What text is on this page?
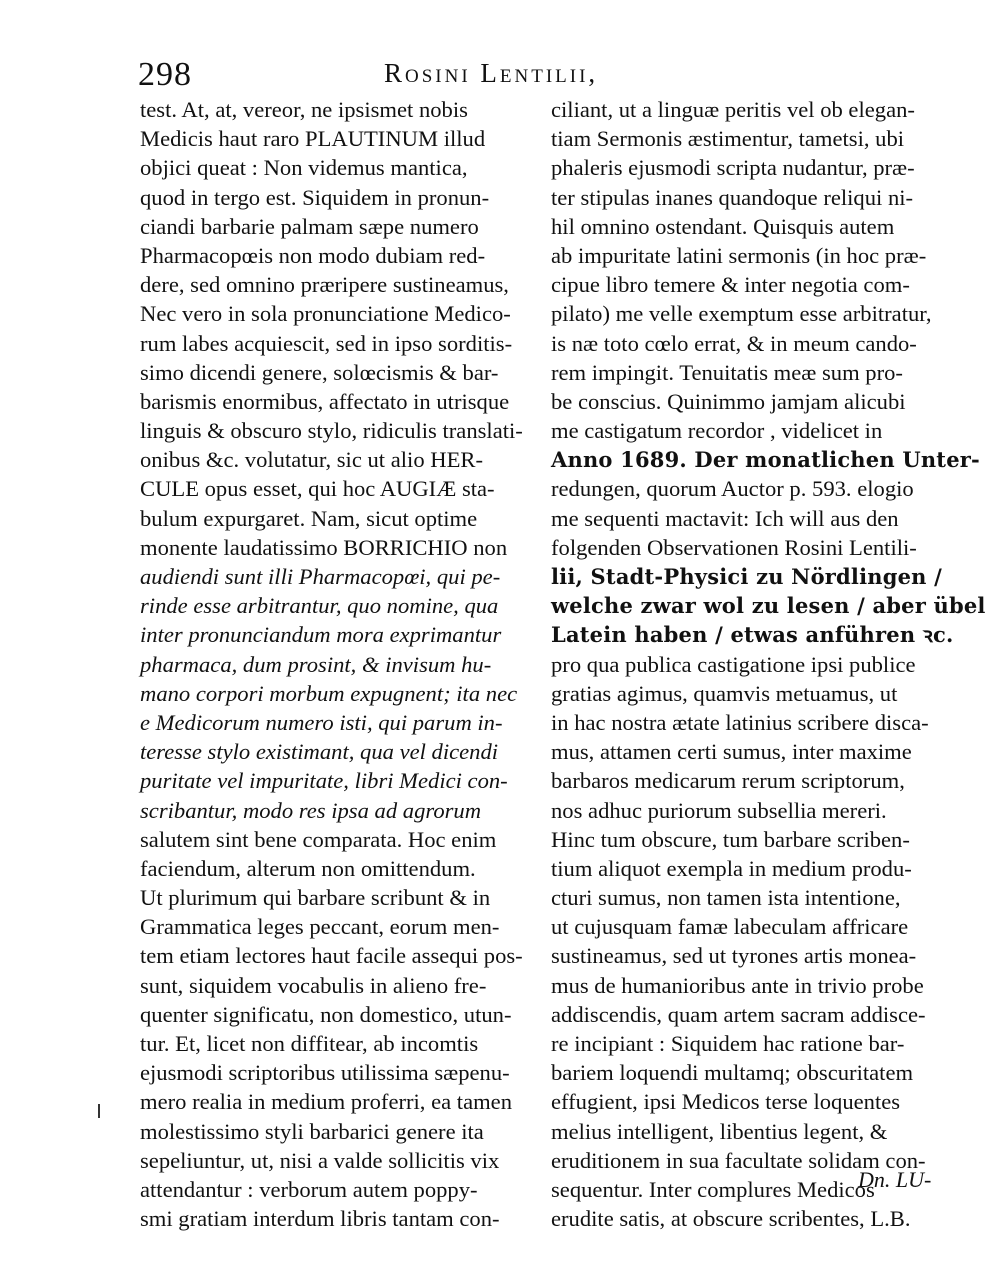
298	Rosini Lentilii,
test. At, at, vereor, ne ipsismet nobis
Medicis haut raro PLAUTINUM illud
objici queat : Non videmus mantica,
quod in tergo est. Siquidem in pronun-
ciandi barbarie palmam sæpe numero
Pharmacopœis non modo dubiam red-
dere, sed omnino præripere sustineamus,
Nec vero in sola pronunciatione Medico-
rum labes acquiescit, sed in ipso sorditis-
simo dicendi genere, solœcismis & bar-
barismis enormibus, affectato in utrisque
linguis & obscuro stylo, ridiculis translati-
onibus &c. volutatur, sic ut alio HER-
CULE opus esset, qui hoc AUGIÆ sta-
bulum expurgaret. Nam, sicut optime
monente laudatissimo BORRICHIO non
audiendi sunt illi Pharmacopœi, qui pe-
rinde esse arbitrantur, quo nomine, qua
inter pronunciandum mora exprimantur
pharmaca, dum prosint, & invisum hu-
mano corpori morbum expugnent; ita nec
e Medicorum numero isti, qui parum in-
teresse stylo existimant, qua vel dicendi
puritate vel impuritate, libri Medici con-
scribantur, modo res ipsa ad agrorum
salutem sint bene comparata. Hoc enim
faciendum, alterum non omittendum.
Ut plurimum qui barbare scribunt & in
Grammatica leges peccant, eorum men-
tem etiam lectores haut facile assequi pos-
sunt, siquidem vocabulis in alieno fre-
quenter significatu, non domestico, utun-
tur. Et, licet non diffitear, ab incomtis
ejusmodi scriptoribus utilissima sæpenu-
mero realia in medium proferri, ea tamen
molestissimo styli barbarici genere ita
sepeliuntur, ut, nisi a valde sollicitis vix
attendantur : verborum autem poppy-
smi gratiam interdum libris tantam con-
ciliant, ut a linguæ peritis vel ob elegan-
tiam Sermonis æstimentur, tametsi, ubi
phaleris ejusmodi scripta nudantur, præ-
ter stipulas inanes quandoque reliqui ni-
hil omnino ostendant. Quisquis autem
ab impuritate latini sermonis (in hoc præ-
cipue libro temere & inter negotia com-
pilato) me velle exemptum esse arbitratur,
is næ toto cœlo errat, & in meum cando-
rem impingit. Tenuitatis meæ sum pro-
be conscius. Quinimmo jamjam alicubi
me castigatum recordor , videlicet in
Anno 1689. Der monatlichen Unter-
redungen, quorum Auctor p. 593. elogio
me sequenti mactavit: Ich will aus den
folgenden Observationen Rosini Lentili-
lii, Stadt-Physici zu Nördlingen /
welche zwar wol zu lesen / aber übel
Latein haben / etwas anführen ꝛc.
pro qua publica castigatione ipsi publice
gratias agimus, quamvis metuamus, ut
in hac nostra ætate latinius scribere disca-
mus, attamen certi sumus, inter maxime
barbaros medicarum rerum scriptorum,
nos adhuc puriorum subsellia mereri.
Hinc tum obscure, tum barbare scriben-
tium aliquot exempla in medium produ-
cturi sumus, non tamen ista intentione,
ut cujusquam famæ labeculam affricare
sustineamus, sed ut tyrones artis monea-
mus de humanioribus ante in trivio probe
addiscendis, quam artem sacram addisce-
re incipiant : Siquidem hac ratione bar-
bariem loquendi multamq; obscuritatem
effugient, ipsi Medicos terse loquentes
melius intelligent, libentius legent, &
eruditionem in sua facultate solidam con-
sequentur. Inter complures Medicos
erudite satis, at obscure scribentes, L.B.
Dn. LU-
